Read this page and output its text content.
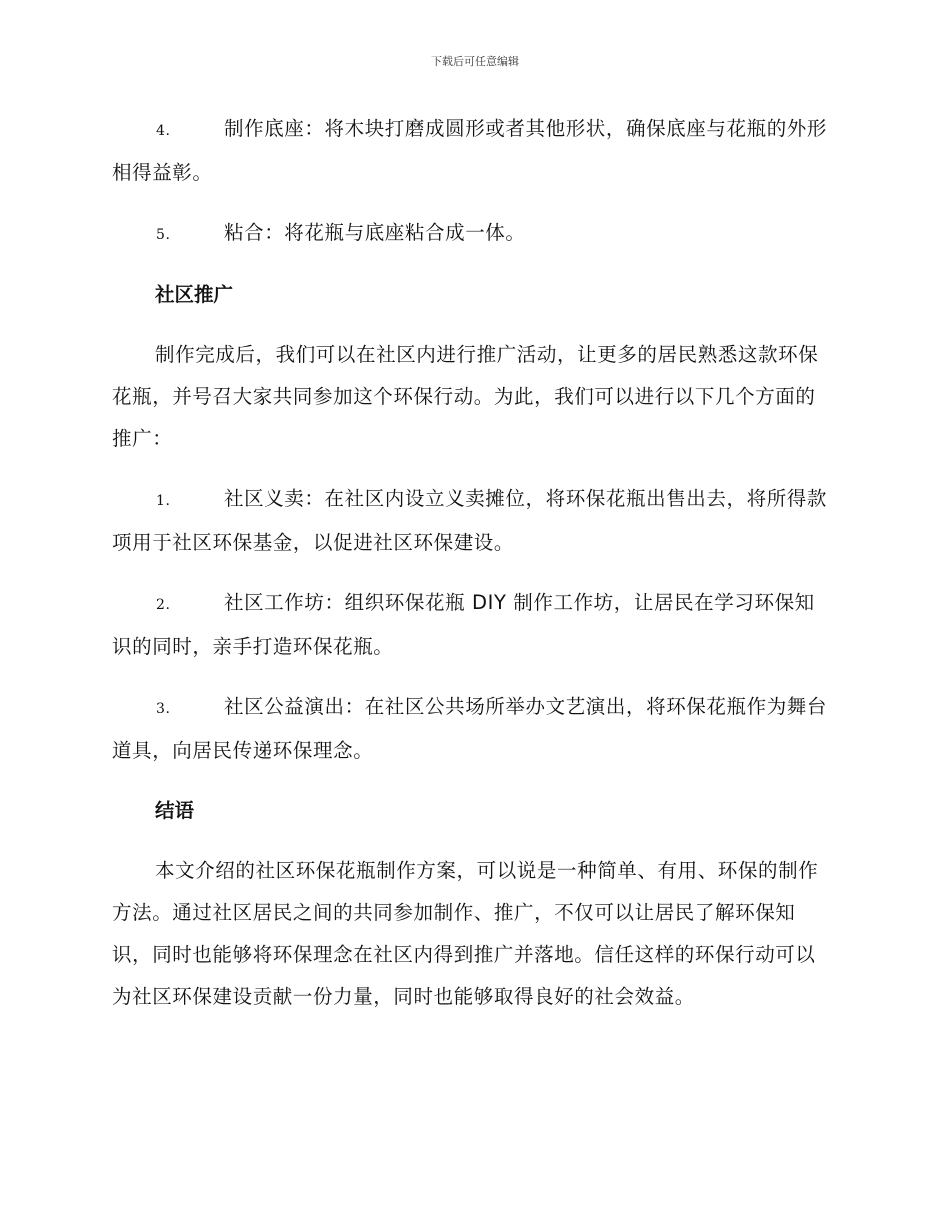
下载后可任意编辑

4.	制作底座：将木块打磨成圆形或者其他形状，确保底座与花瓶的外形相得益彰。

5.	粘合：将花瓶与底座粘合成一体。

社区推广

制作完成后，我们可以在社区内进行推广活动，让更多的居民熟悉这款环保花瓶，并号召大家共同参加这个环保行动。为此，我们可以进行以下几个方面的推广：

1.	社区义卖：在社区内设立义卖摊位，将环保花瓶出售出去，将所得款项用于社区环保基金，以促进社区环保建设。

2.	社区工作坊：组织环保花瓶 DIY 制作工作坊，让居民在学习环保知识的同时，亲手打造环保花瓶。

3.	社区公益演出：在社区公共场所举办文艺演出，将环保花瓶作为舞台道具，向居民传递环保理念。

结语

本文介绍的社区环保花瓶制作方案，可以说是一种简单、有用、环保的制作方法。通过社区居民之间的共同参加制作、推广，不仅可以让居民了解环保知识，同时也能够将环保理念在社区内得到推广并落地。信任这样的环保行动可以为社区环保建设贡献一份力量，同时也能够取得良好的社会效益。
